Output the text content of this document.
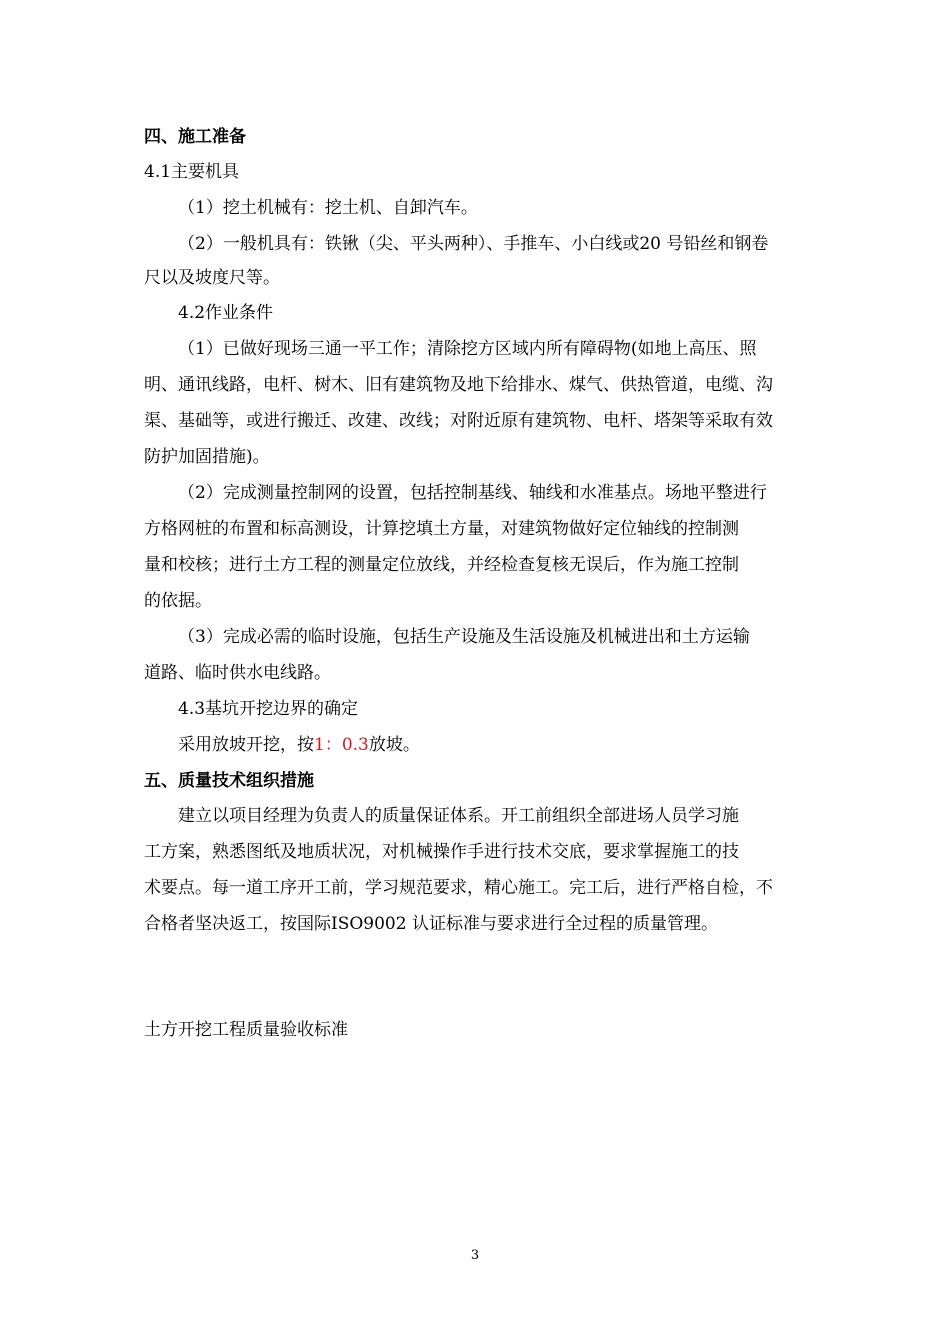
四、施工准备
4.1主要机具
（1）挖土机械有：挖土机、自卸汽车。
（2）一般机具有：铁锹（尖、平头两种）、手推车、小白线或20 号铅丝和钢卷
尺以及坡度尺等。
4.2作业条件
（1）已做好现场三通一平工作；清除挖方区域内所有障碍物(如地上高压、照
明、通讯线路，电杆、树木、旧有建筑物及地下给排水、煤气、供热管道，电缆、沟
渠、基础等，或进行搬迁、改建、改线；对附近原有建筑物、电杆、塔架等采取有效
防护加固措施)。
（2）完成测量控制网的设置，包括控制基线、轴线和水准基点。场地平整进行
方格网桩的布置和标高测设，计算挖填土方量，对建筑物做好定位轴线的控制测
量和校核；进行土方工程的测量定位放线，并经检查复核无误后，作为施工控制
的依据。
（3）完成必需的临时设施，包括生产设施及生活设施及机械进出和土方运输
道路、临时供水电线路。
4.3基坑开挖边界的确定
采用放坡开挖，按1：0.3放坡。
五、质量技术组织措施
建立以项目经理为负责人的质量保证体系。开工前组织全部进场人员学习施
工方案，熟悉图纸及地质状况，对机械操作手进行技术交底，要求掌握施工的技
术要点。每一道工序开工前，学习规范要求，精心施工。完工后，进行严格自检，不
合格者坚决返工，按国际ISO9002 认证标准与要求进行全过程的质量管理。
土方开挖工程质量验收标准
3
